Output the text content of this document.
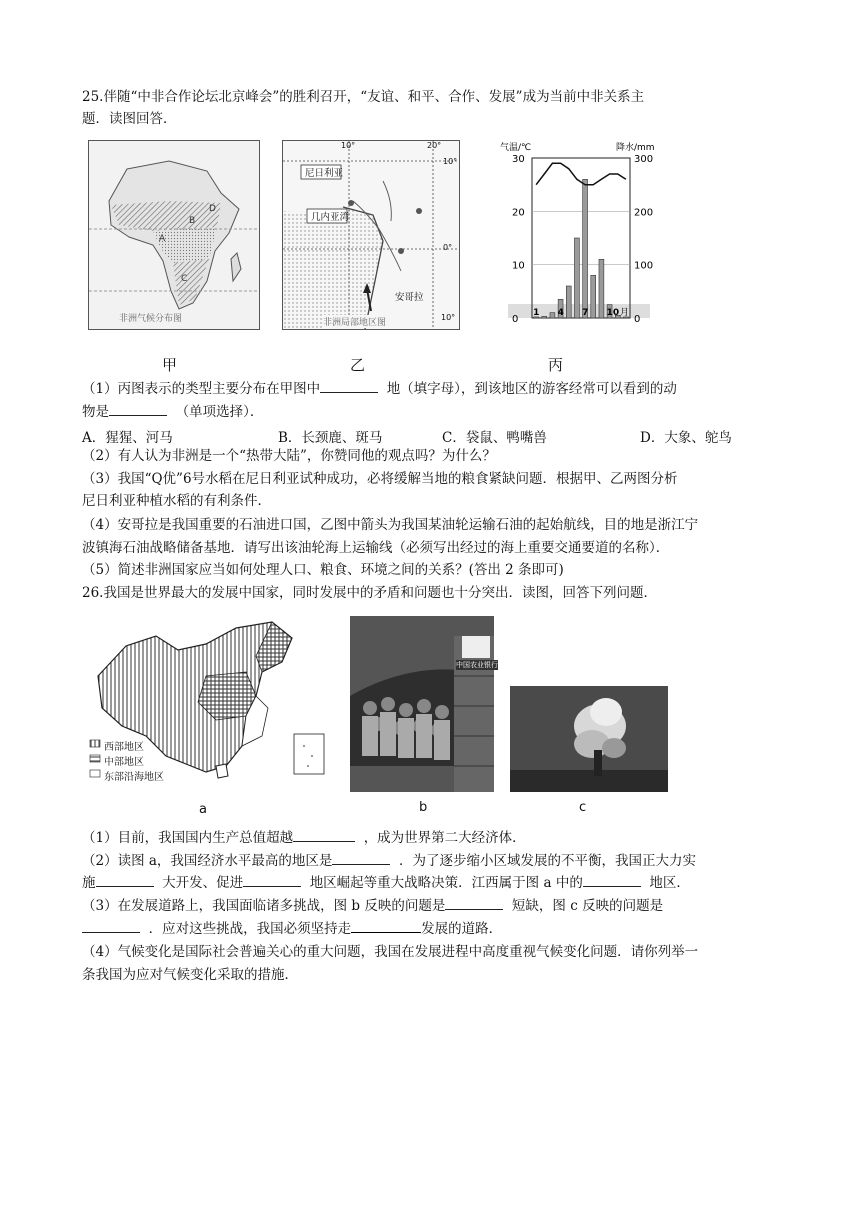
25.伴随“中非合作论坛北京峰会”的胜利召开，“友谊、和平、合作、发展”成为当前中非关系主
题．读图回答．
A
B
C
D
非洲气候分布图
尼日利亚
几内亚湾
安哥拉
10°	20°
10°
0°
10°
非洲局部地区图
30
20
10
0
300
200
100
0
气温/℃	降水/mm
1 4 7 10 月
甲	乙	丙
（1）丙图表示的类型主要分布在甲图中	地（填字母），到该地区的游客经常可以看到的动
物是	（单项选择）．
A．猩猩、河马	B．长颈鹿、斑马	C．袋鼠、鸭嘴兽	D．大象、鸵鸟
（2）有人认为非洲是一个“热带大陆”，你赞同他的观点吗？为什么？
（3）我国“Q优”6号水稻在尼日利亚试种成功，必将缓解当地的粮食紧缺问题．根据甲、乙两图分析
尼日利亚种植水稻的有利条件．
（4）安哥拉是我国重要的石油进口国，乙图中箭头为我国某油轮运输石油的起始航线，目的地是浙江宁
波镇海石油战略储备基地．请写出该油轮海上运输线（必须写出经过的海上重要交通要道的名称）．
（5）简述非洲国家应当如何处理人口、粮食、环境之间的关系？(答出 2 条即可)
26.我国是世界最大的发展中国家，同时发展中的矛盾和问题也十分突出．读图，回答下列问题．
西部地区
中部地区
东部沿海地区
中国农业银行
a	b	c
（1）目前，我国国内生产总值超越	，成为世界第二大经济体．
（2）读图 a，我国经济水平最高的地区是	．为了逐步缩小区域发展的不平衡，我国正大力实
施	大开发、促进	地区崛起等重大战略决策．江西属于图 a 中的	地区．
（3）在发展道路上，我国面临诸多挑战，图 b 反映的问题是	短缺，图 c 反映的问题是
．应对这些挑战，我国必须坚持走	发展的道路．
（4）气候变化是国际社会普遍关心的重大问题，我国在发展进程中高度重视气候变化问题．请你列举一
条我国为应对气候变化采取的措施．
